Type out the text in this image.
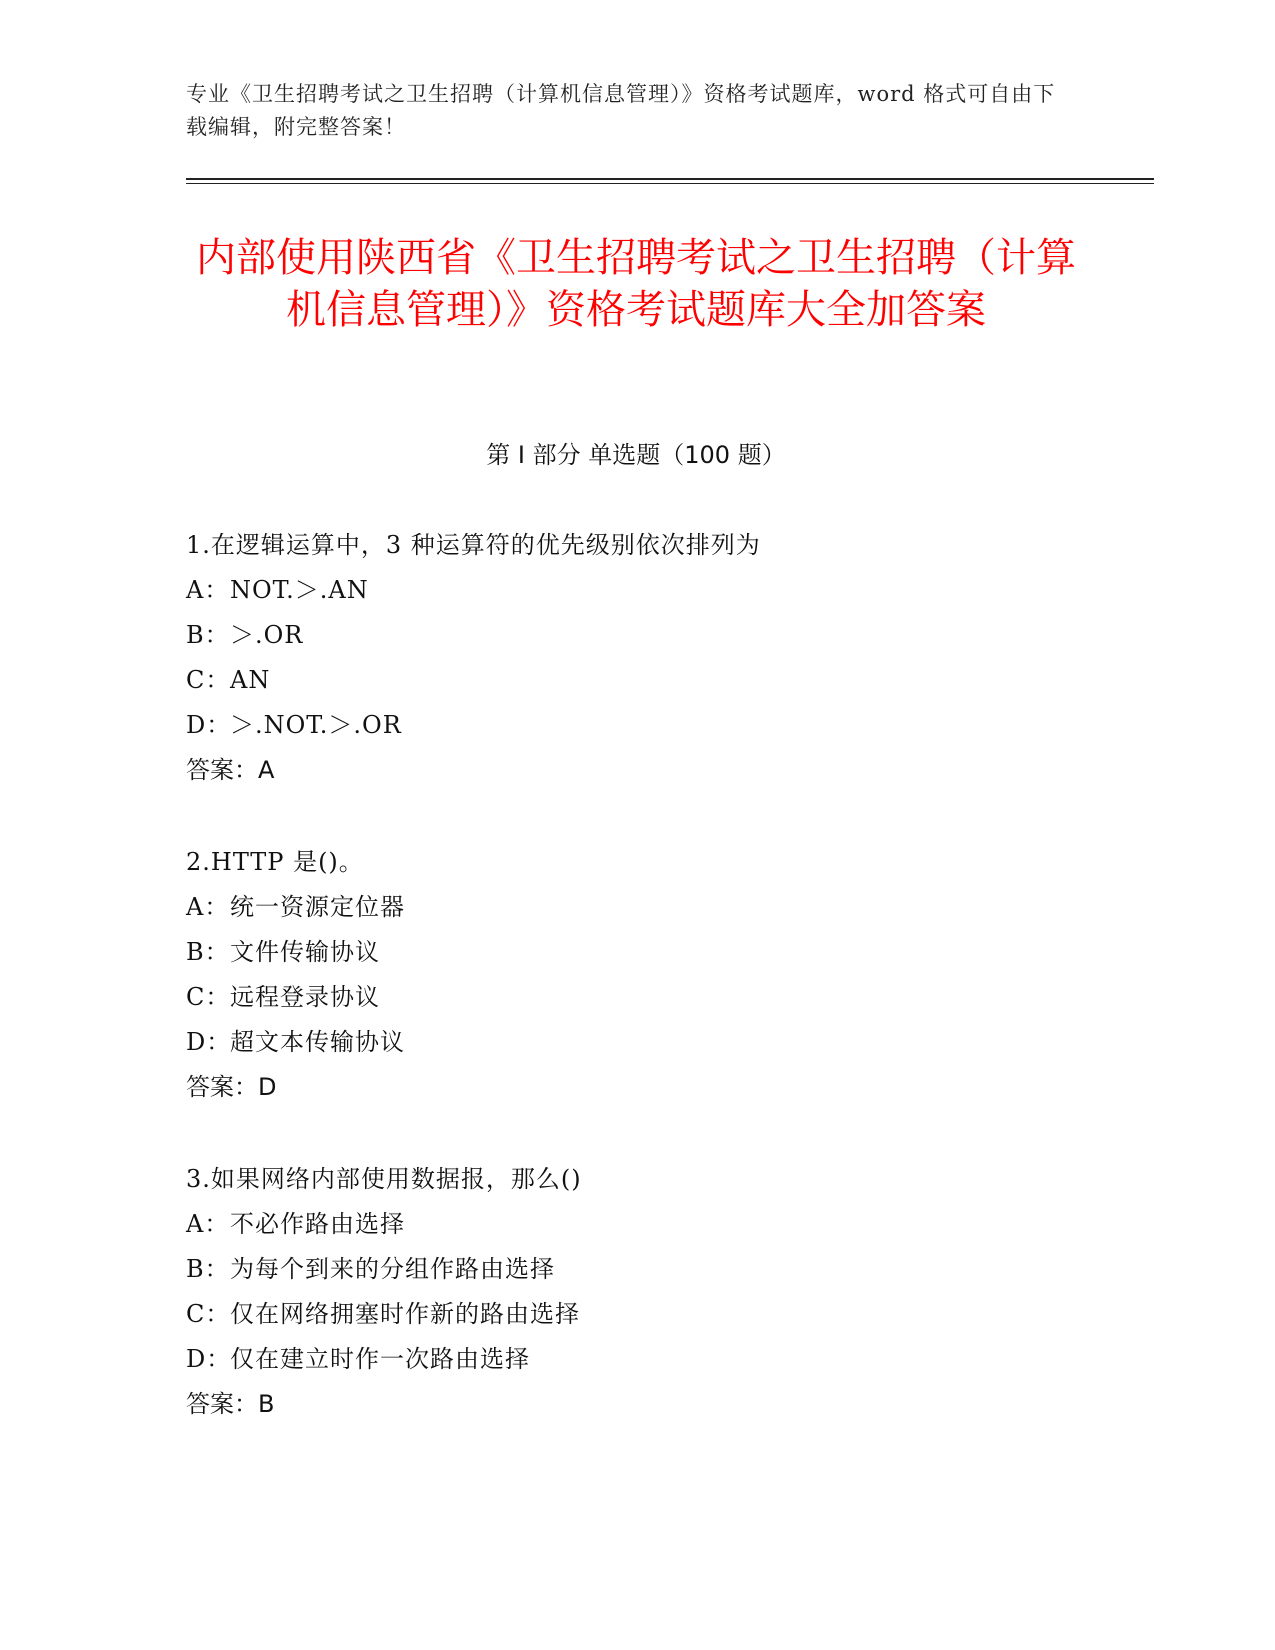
专业《卫生招聘考试之卫生招聘（计算机信息管理）》资格考试题库，word 格式可自由下载编辑，附完整答案！
内部使用陕西省《卫生招聘考试之卫生招聘（计算机信息管理）》资格考试题库大全加答案
第 I 部分 单选题（100 题）
1.在逻辑运算中，3 种运算符的优先级别依次排列为
A：NOT.＞.AN
B：＞.OR
C：AN
D：＞.NOT.＞.OR
答案：A
2.HTTP 是()。
A：统一资源定位器
B：文件传输协议
C：远程登录协议
D：超文本传输协议
答案：D
3.如果网络内部使用数据报，那么()
A：不必作路由选择
B：为每个到来的分组作路由选择
C：仅在网络拥塞时作新的路由选择
D：仅在建立时作一次路由选择
答案：B
